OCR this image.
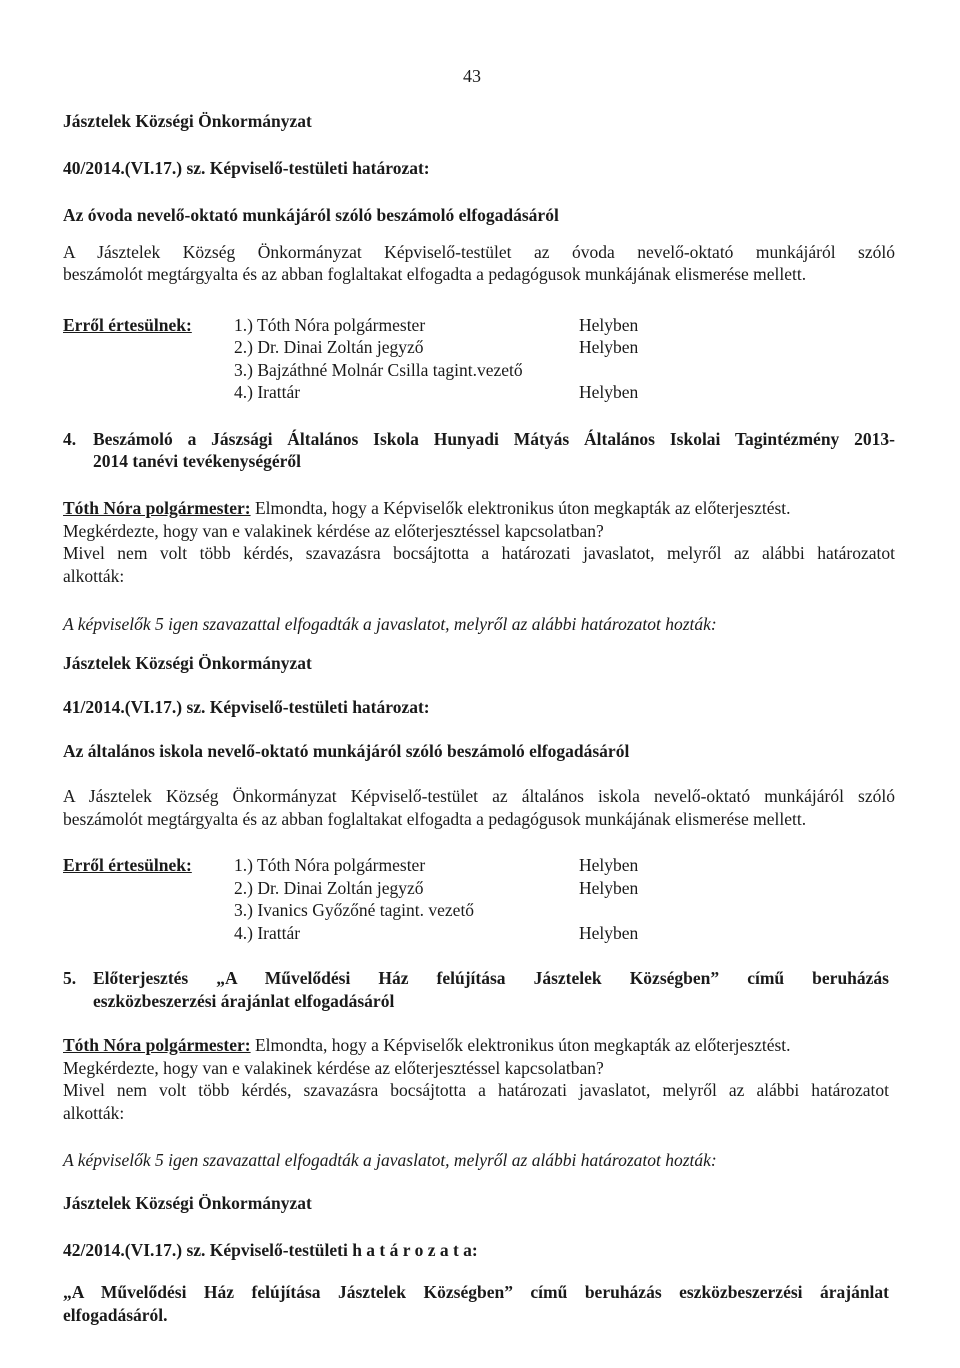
43
Jásztelek Községi Önkormányzat
40/2014.(VI.17.) sz. Képviselő-testületi határozat:
Az óvoda nevelő-oktató munkájáról szóló beszámoló elfogadásáról
A Jásztelek Község Önkormányzat Képviselő-testület az óvoda nevelő-oktató munkájáról szóló
beszámolót megtárgyalta és az abban foglaltakat elfogadta a pedagógusok munkájának elismerése mellett.
Erről értesülnek: 1.) Tóth Nóra polgármester	Helyben
2.) Dr. Dinai Zoltán jegyző	Helyben
3.) Bajzáthné Molnár Csilla tagint.vezető
4.) Irattár	Helyben
4. Beszámoló a Jászsági Általános Iskola Hunyadi Mátyás Általános Iskolai Tagintézmény 2013-
2014 tanévi tevékenységéről
Tóth Nóra polgármester: Elmondta, hogy a Képviselők elektronikus úton megkapták az előterjesztést.
Megkérdezte, hogy van e valakinek kérdése az előterjesztéssel kapcsolatban?
Mivel nem volt több kérdés, szavazásra bocsájtotta a határozati javaslatot, melyről az alábbi határozatot
alkották:
A képviselők 5 igen szavazattal elfogadták a javaslatot, melyről az alábbi határozatot hozták:
Jásztelek Községi Önkormányzat
41/2014.(VI.17.) sz. Képviselő-testületi határozat:
Az általános iskola nevelő-oktató munkájáról szóló beszámoló elfogadásáról
A Jásztelek Község Önkormányzat Képviselő-testület az általános iskola nevelő-oktató munkájáról szóló
beszámolót megtárgyalta és az abban foglaltakat elfogadta a pedagógusok munkájának elismerése mellett.
Erről értesülnek: 1.) Tóth Nóra polgármester	Helyben
2.) Dr. Dinai Zoltán jegyző	Helyben
3.) Ivanics Győzőné tagint. vezető
4.) Irattár	Helyben
5. Előterjesztés „A Művelődési Ház felújítása Jásztelek Községben” című beruházás
eszközbeszerzési árajánlat elfogadásáról
Tóth Nóra polgármester: Elmondta, hogy a Képviselők elektronikus úton megkapták az előterjesztést.
Megkérdezte, hogy van e valakinek kérdése az előterjesztéssel kapcsolatban?
Mivel nem volt több kérdés, szavazásra bocsájtotta a határozati javaslatot, melyről az alábbi határozatot
alkották:
A képviselők 5 igen szavazattal elfogadták a javaslatot, melyről az alábbi határozatot hozták:
Jásztelek Községi Önkormányzat
42/2014.(VI.17.) sz. Képviselő-testületi h a t á r o z a t a:
„A Művelődési Ház felújítása Jásztelek Községben” című beruházás eszközbeszerzési árajánlat
elfogadásáról.
